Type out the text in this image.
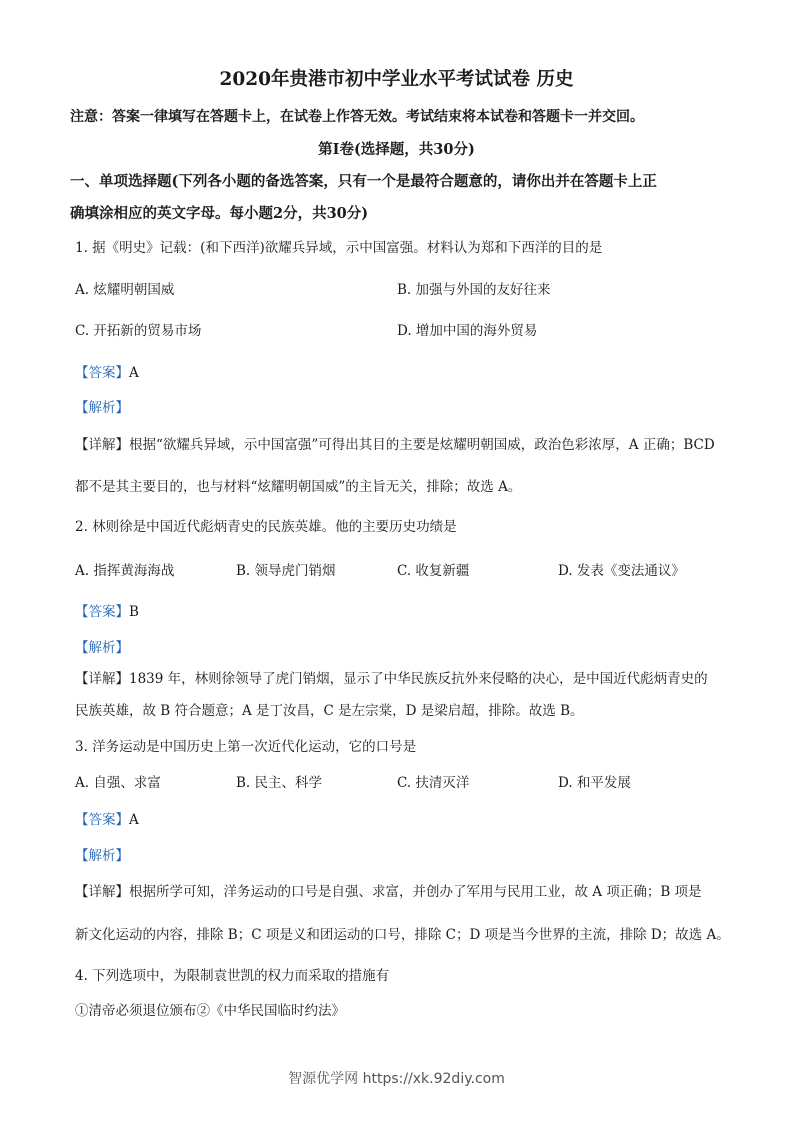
2020年贵港市初中学业水平考试试卷 历史
注意：答案一律填写在答题卡上，在试卷上作答无效。考试结束将本试卷和答题卡一并交回。
第Ⅰ卷(选择题，共30分)
一、单项选择题(下列各小题的备选答案，只有一个是最符合题意的，请你出并在答题卡上正
确填涂相应的英文字母。每小题2分，共30分)
1. 据《明史》记载：(和下西洋)欲耀兵异域，示中国富强。材料认为郑和下西洋的目的是
A. 炫耀明朝国威	B. 加强与外国的友好往来
C. 开拓新的贸易市场	D. 增加中国的海外贸易
【答案】A
【解析】
【详解】根据“欲耀兵异域，示中国富强”可得出其目的主要是炫耀明朝国威，政治色彩浓厚，A 正确；BCD
都不是其主要目的，也与材料“炫耀明朝国威”的主旨无关，排除；故选 A。
2. 林则徐是中国近代彪炳青史的民族英雄。他的主要历史功绩是
A. 指挥黄海海战	B. 领导虎门销烟	C. 收复新疆	D. 发表《变法通议》
【答案】B
【解析】
【详解】1839 年，林则徐领导了虎门销烟，显示了中华民族反抗外来侵略的决心，是中国近代彪炳青史的
民族英雄，故 B 符合题意；A 是丁汝昌，C 是左宗棠，D 是梁启超，排除。故选 B。
3. 洋务运动是中国历史上第一次近代化运动，它的口号是
A. 自强、求富	B. 民主、科学	C. 扶清灭洋	D. 和平发展
【答案】A
【解析】
【详解】根据所学可知，洋务运动的口号是自强、求富，并创办了军用与民用工业，故 A 项正确；B 项是
新文化运动的内容，排除 B；C 项是义和团运动的口号，排除 C；D 项是当今世界的主流，排除 D；故选 A。
4. 下列选项中，为限制袁世凯的权力而采取的措施有
①清帝必须退位颁布②《中华民国临时约法》
智源优学网 https://xk.92diy.com
